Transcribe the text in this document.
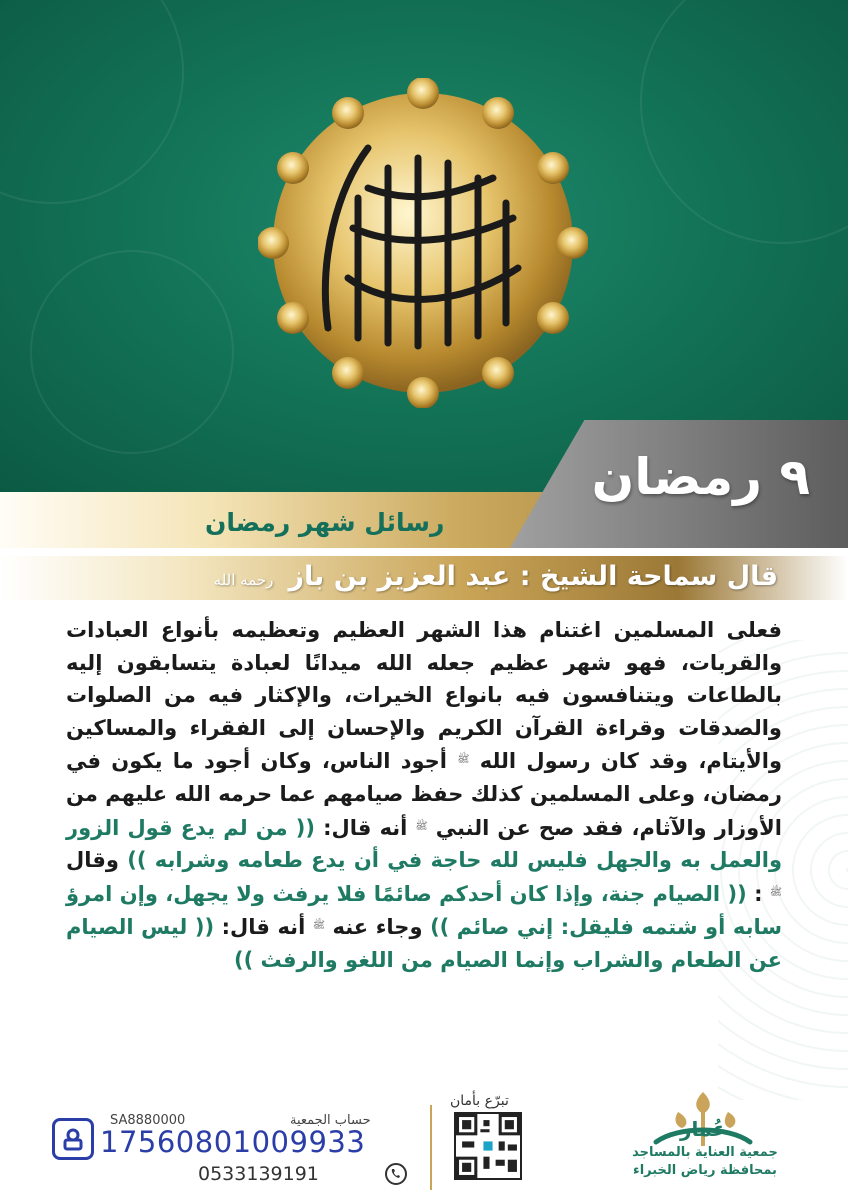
٩ رمضان
رسائل شهر رمضان
قال سماحة الشيخ : عبد العزيز بن باز رحمه الله
فعلى المسلمين اغتنام هذا الشهر العظيم وتعظيمه بأنواع العبادات والقربات، فهو شهر عظيم جعله الله ميدانًا لعبادة يتسابقون إليه بالطاعات ويتنافسون فيه بانواع الخيرات، والإكثار فيه من الصلوات والصدقات وقراءة القرآن الكريم والإحسان إلى الفقراء والمساكين والأيتام، وقد كان رسول الله $^ﷺ$ أجود الناس، وكان أجود ما يكون في رمضان، وعلى المسلمين كذلك حفظ صيامهم عما حرمه الله عليهم من الأوزار والآثام، فقد صح عن النبي $^ﷺ$ أنه قال: (( من لم يدع قول الزور والعمل به والجهل فليس لله حاجة في أن يدع طعامه وشرابه )) وقال $^ﷺ$ : (( الصيام جنة، وإذا كان أحدكم صائمًا فلا يرفث ولا يجهل، وإن امرؤ سابه أو شتمه فليقل: إني صائم )) وجاء عنه $^ﷺ$ أنه قال: (( ليس الصيام عن الطعام والشراب وإنما الصيام من اللغو والرفث ))
حساب الجمعية
SA8880000
17560801009933
0533139191
تبرّع بأمان
عُمار
جمعية العناية بالمساجد
بمحافظة رياض الخبراء
